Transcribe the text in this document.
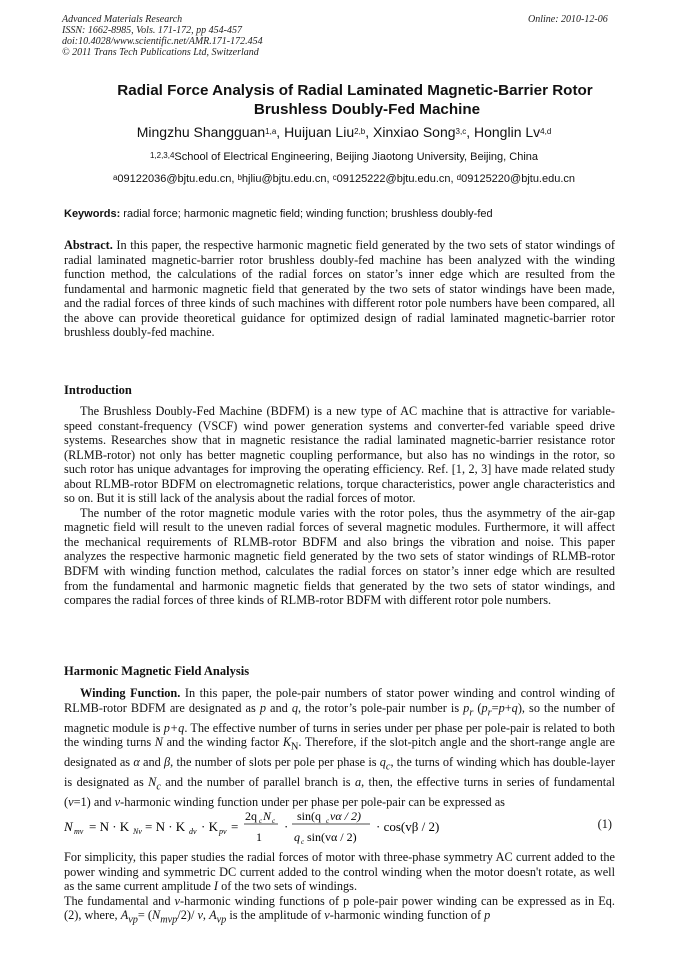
Advanced Materials Research
ISSN: 1662-8985, Vols. 171-172, pp 454-457
doi:10.4028/www.scientific.net/AMR.171-172.454
© 2011 Trans Tech Publications Ltd, Switzerland
Online: 2010-12-06
Radial Force Analysis of Radial Laminated Magnetic-Barrier Rotor
Brushless Doubly-Fed Machine
Mingzhu Shangguan$^{1,a}$, Huijuan Liu$^{2,b}$, Xinxiao Song$^{3,c}$, Honglin Lv$^{4,d}$
$^{1,2,3,4}$School of Electrical Engineering, Beijing Jiaotong University, Beijing, China
$^a$09122036@bjtu.edu.cn, $^b$hjliu@bjtu.edu.cn, $^c$09125222@bjtu.edu.cn, $^d$09125220@bjtu.edu.cn
Keywords: radial force; harmonic magnetic field; winding function; brushless doubly-fed

Abstract. In this paper, the respective harmonic magnetic field generated by the two sets of stator windings of radial laminated magnetic-barrier rotor brushless doubly-fed machine has been analyzed with the winding function method, the calculations of the radial forces on stator’s inner edge which are resulted from the fundamental and harmonic magnetic field that generated by the two sets of stator windings have been made, and the radial forces of three kinds of such machines with different rotor pole numbers have been compared, all the above can provide theoretical guidance for optimized design of radial laminated magnetic-barrier rotor brushless doubly-fed machine.

Introduction

The Brushless Doubly-Fed Machine (BDFM) is a new type of AC machine that is attractive for variable-speed constant-frequency (VSCF) wind power generation systems and converter-fed variable speed drive systems. Researches show that in magnetic resistance the radial laminated magnetic-barrier resistance rotor (RLMB-rotor) not only has better magnetic coupling performance, but also has no windings in the rotor, so such rotor has unique advantages for improving the operating efficiency. Ref. [1, 2, 3] have made related study about RLMB-rotor BDFM on electromagnetic relations, torque characteristics, power angle characteristics and so on. But it is still lack of the analysis about the radial forces of motor.

The number of the rotor magnetic module varies with the rotor poles, thus the asymmetry of the air-gap magnetic field will result to the uneven radial forces of several magnetic modules. Furthermore, it will affect the mechanical requirements of RLMB-rotor BDFM and also brings the vibration and noise. This paper analyzes the respective harmonic magnetic field generated by the two sets of stator windings of RLMB-rotor BDFM with winding function method, calculates the radial forces on stator’s inner edge which are resulted from the fundamental and harmonic magnetic fields that generated by the two sets of stator windings, and compares the radial forces of three kinds of RLMB-rotor BDFM with different rotor pole numbers.

Harmonic Magnetic Field Analysis

Winding Function. In this paper, the pole-pair numbers of stator power winding and control winding of RLMB-rotor BDFM are designated as p and q, the rotor’s pole-pair number is $p_r$ $(p_r=p+q)$, so the number of magnetic module is p+q. The effective number of turns in series under per phase per pole-pair is related to both the winding turns N and the winding factor $K_N$. Therefore, if the slot-pitch angle and the short-range angle are designated as α and β, the number of slots per pole per phase is $q_c$, the turns of winding which has double-layer is designated as $N_c$ and the number of parallel branch is a, then, the effective turns in series of fundamental (v=1) and v-harmonic winding function under per phase per pole-pair can be expressed as

N mv = N · K Nv = N · K dv · K pv =
2q c N c
1
·
sin(q c vα / 2)
q c sin(vα / 2)
· cos(vβ / 2)	(1)

For simplicity, this paper studies the radial forces of motor with three-phase symmetry AC current added to the power winding and symmetric DC current added to the control winding when the motor doesn't rotate, as well as the same current amplitude I of the two sets of windings.

The fundamental and v-harmonic winding functions of p pole-pair power winding can be expressed as in Eq. (2), where, $A_{vp}= (N_{mvp}/2)/$ v, $A_{vp}$ is the amplitude of v-harmonic winding function of p
